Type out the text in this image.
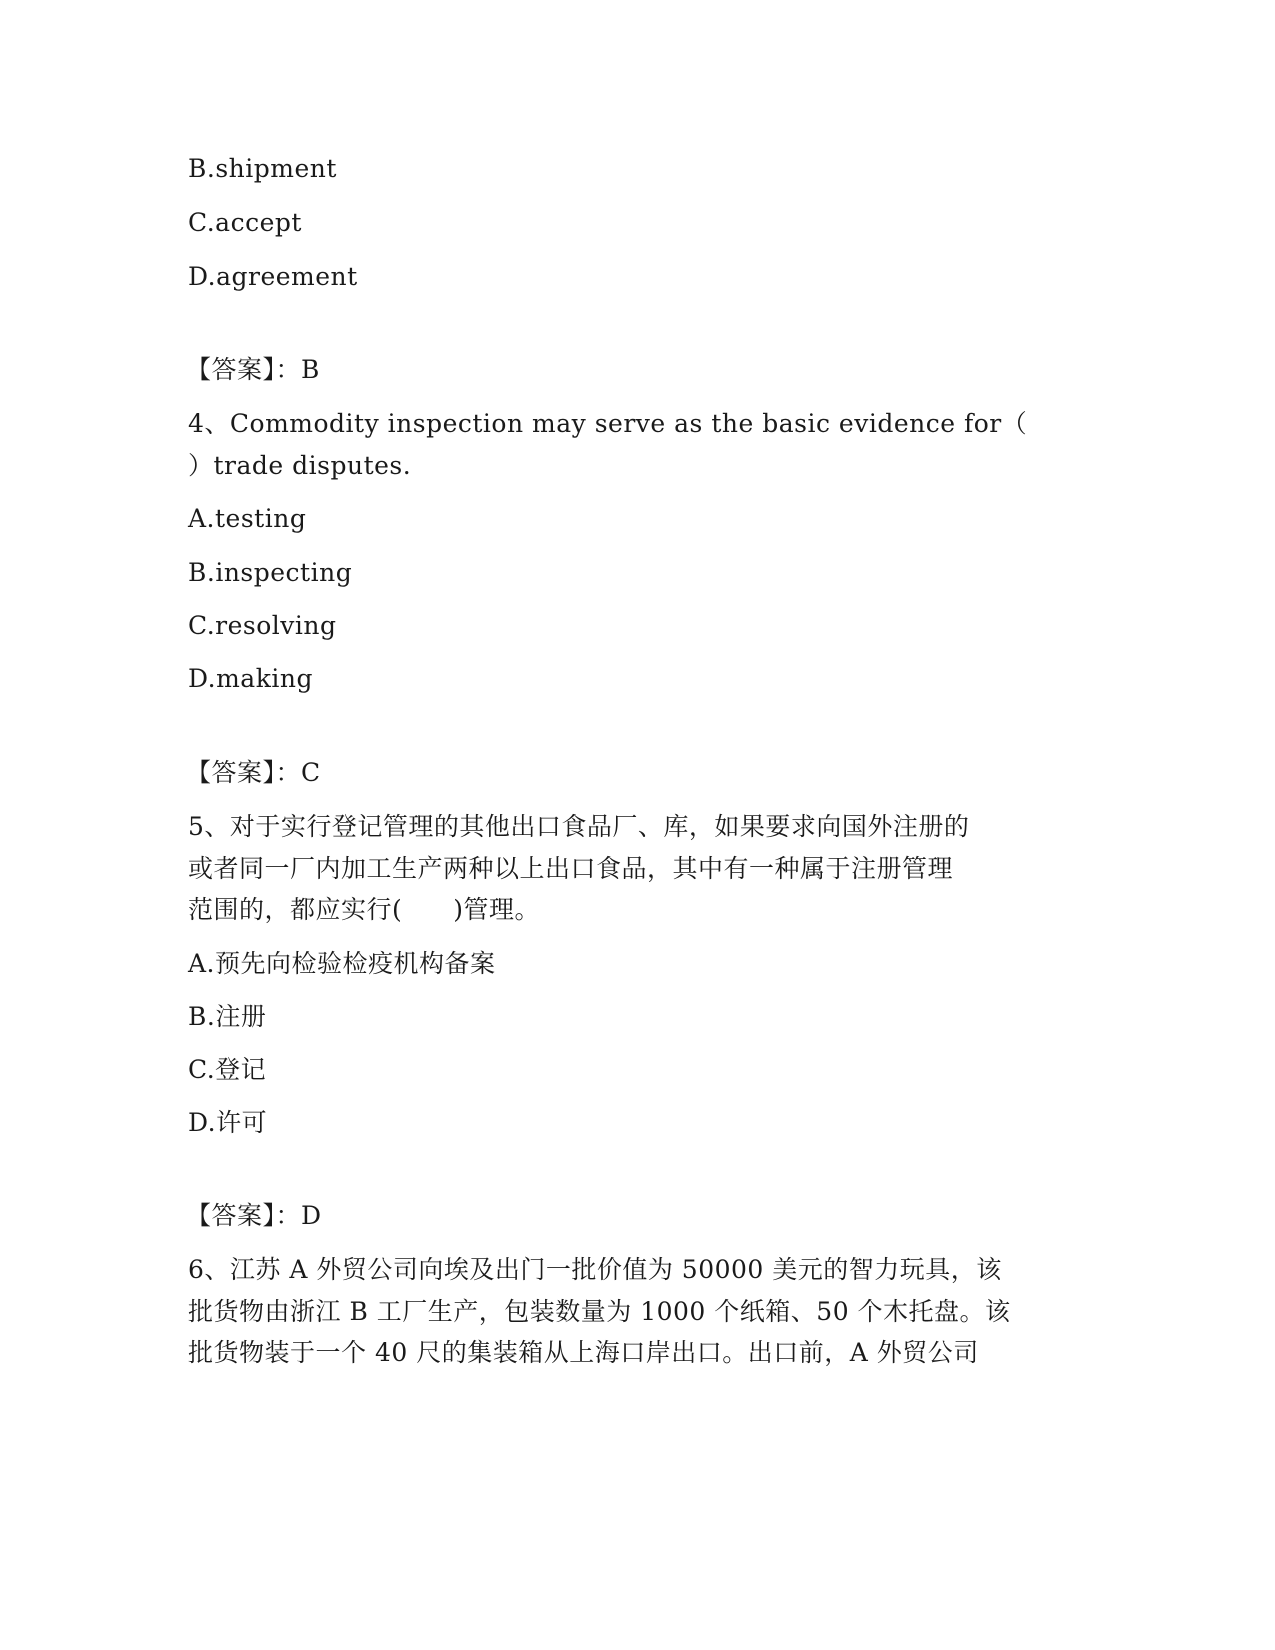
B.shipment
C.accept
D.agreement
【答案】：B
4、Commodity inspection may serve as the basic evidence for（
）trade disputes.
A.testing
B.inspecting
C.resolving
D.making
【答案】：C
5、对于实行登记管理的其他出口食品厂、库，如果要求向国外注册的
或者同一厂内加工生产两种以上出口食品，其中有一种属于注册管理
范围的，都应实行(　　)管理。
A.预先向检验检疫机构备案
B.注册
C.登记
D.许可
【答案】：D
6、江苏 A 外贸公司向埃及出门一批价值为 50000 美元的智力玩具，该
批货物由浙江 B 工厂生产，包装数量为 1000 个纸箱、50 个木托盘。该
批货物装于一个 40 尺的集装箱从上海口岸出口。出口前，A 外贸公司
